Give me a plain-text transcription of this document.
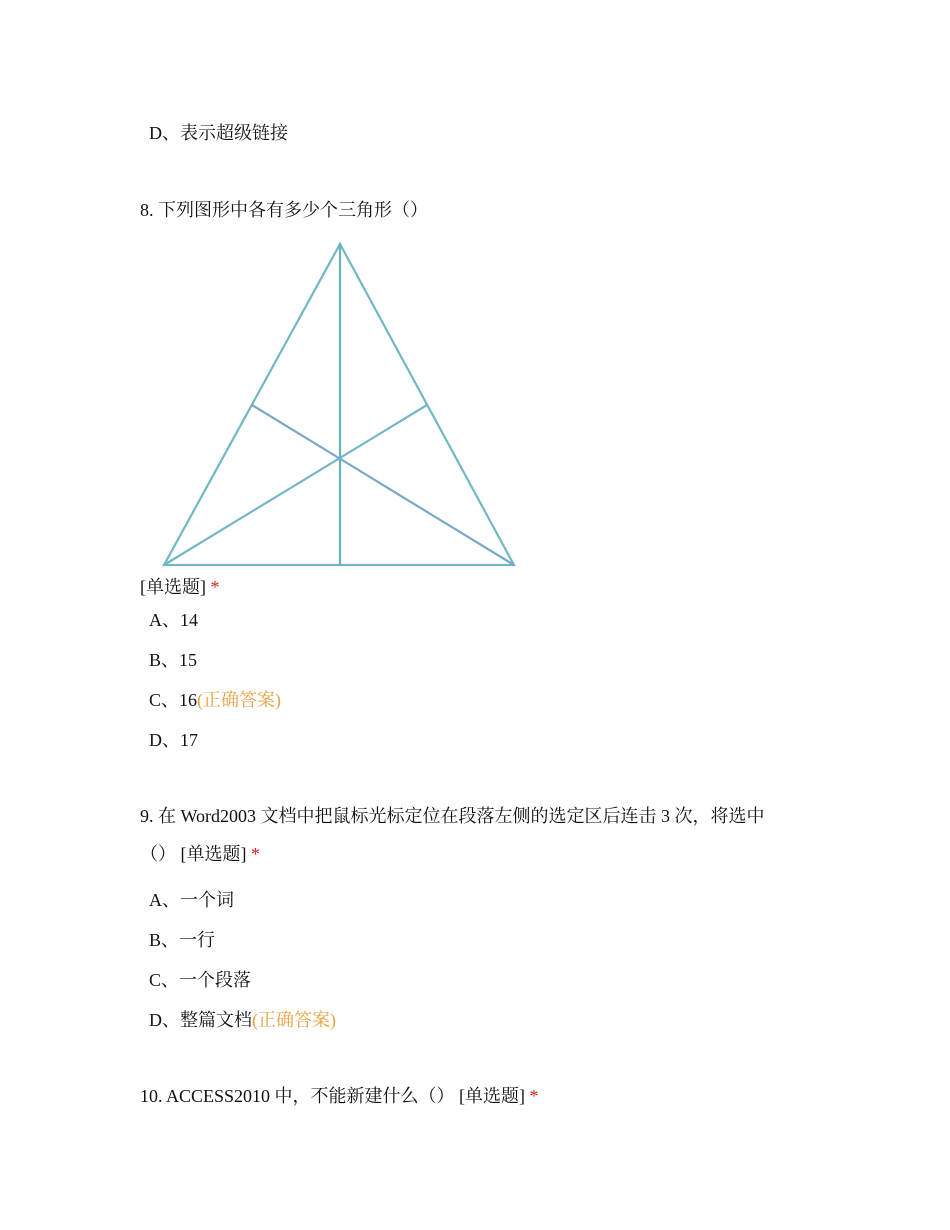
D、表示超级链接
8. 下列图形中各有多少个三角形（）
[单选题] *
A、14
B、15
C、16(正确答案)
D、17
9. 在 Word2003 文档中把鼠标光标定位在段落左侧的选定区后连击 3 次，将选中
（） [单选题] *
A、一个词
B、一行
C、一个段落
D、整篇文档(正确答案)
10. ACCESS2010 中，不能新建什么（） [单选题] *
